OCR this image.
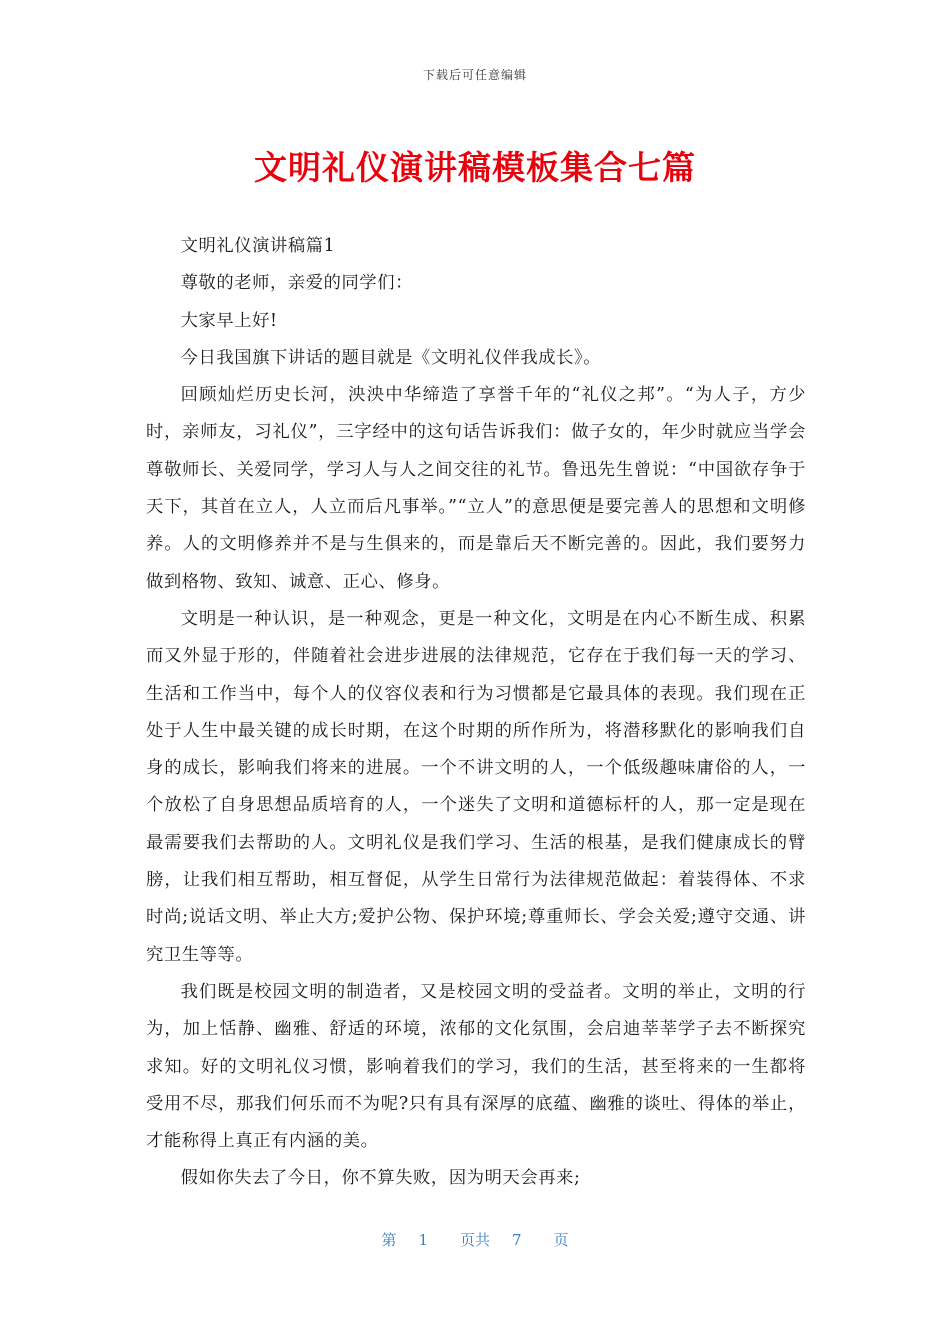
下载后可任意编辑
文明礼仪演讲稿模板集合七篇

文明礼仪演讲稿篇1

尊敬的老师，亲爱的同学们：

大家早上好!

今日我国旗下讲话的题目就是《文明礼仪伴我成长》。

回顾灿烂历史长河，泱泱中华缔造了享誉千年的“礼仪之邦”。“为人子，方少时，亲师友，习礼仪”，三字经中的这句话告诉我们：做子女的，年少时就应当学会尊敬师长、关爱同学，学习人与人之间交往的礼节。鲁迅先生曾说：“中国欲存争于天下，其首在立人，人立而后凡事举。”“立人”的意思便是要完善人的思想和文明修养。人的文明修养并不是与生俱来的，而是靠后天不断完善的。因此，我们要努力做到格物、致知、诚意、正心、修身。

文明是一种认识，是一种观念，更是一种文化，文明是在内心不断生成、积累而又外显于形的，伴随着社会进步进展的法律规范，它存在于我们每一天的学习、生活和工作当中，每个人的仪容仪表和行为习惯都是它最具体的表现。我们现在正处于人生中最关键的成长时期，在这个时期的所作所为，将潜移默化的影响我们自身的成长，影响我们将来的进展。一个不讲文明的人，一个低级趣味庸俗的人，一个放松了自身思想品质培育的人，一个迷失了文明和道德标杆的人，那一定是现在最需要我们去帮助的人。文明礼仪是我们学习、生活的根基，是我们健康成长的臂膀，让我们相互帮助，相互督促，从学生日常行为法律规范做起：着装得体、不求时尚;说话文明、举止大方;爱护公物、保护环境;尊重师长、学会关爱;遵守交通、讲究卫生等等。

我们既是校园文明的制造者，又是校园文明的受益者。文明的举止，文明的行为，加上恬静、幽雅、舒适的环境，浓郁的文化氛围，会启迪莘莘学子去不断探究求知。好的文明礼仪习惯，影响着我们的学习，我们的生活，甚至将来的一生都将受用不尽，那我们何乐而不为呢?只有具有深厚的底蕴、幽雅的谈吐、得体的举止，才能称得上真正有内涵的美。

假如你失去了今日，你不算失败，因为明天会再来;

第 1 页共 7 页
